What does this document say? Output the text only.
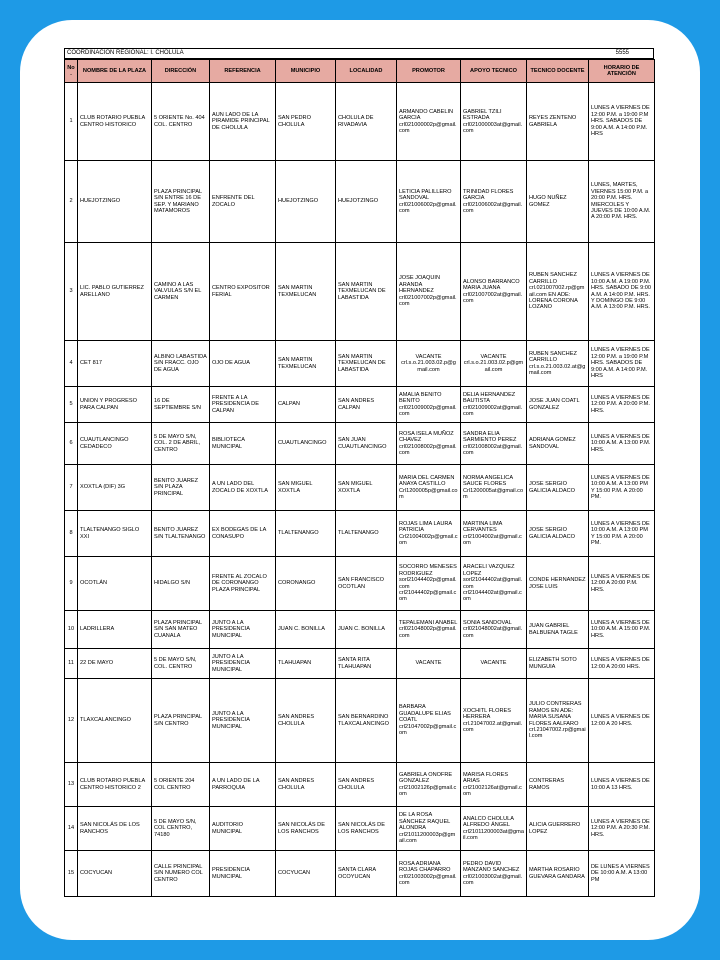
COORDINACIÓN REGIONAL: I. CHOLULA	5555
No.	NOMBRE DE LA PLAZA	DIRECCIÓN	REFERENCIA	MUNICIPIO	LOCALIDAD	PROMOTOR	APOYO TECNICO	TECNICO DOCENTE	HORARIO DE ATENCIÓN
1	CLUB ROTARIO PUEBLA CENTRO HISTORICO	5 ORIENTE No. 404 COL. CENTRO	AUN LADO DE LA PIRAMIDE PRINCIPAL DE CHOLULA	SAN PEDRO CHOLULA	CHOLULA DE RIVADAVIA	ARMANDO CABELIN GARCIA crl021000002p@gmail.com	GABRIEL TZILI ESTRADA crl021000003at@gmail.com	REYES ZENTENO GABRIELA	LUNES A VIERNES DE 12:00 P.M. a 19:00 P.M HRS. SABADOS DE 9:00 A.M. A 14:00 P.M. HRS
2	HUEJOTZINGO	PLAZA PRINCIPAL S/N ENTRE 16 DE SEP. Y MARIANO MATAMOROS	ENFRENTE DEL ZOCALO	HUEJOTZINGO	HUEJOTZINGO	LETICIA PALILLERO SANDOVAL crl021006002p@gmail.com	TRINIDAD FLORES GARCIA crl021006002at@gmail.com	HUGO NUÑEZ GOMEZ	LUNES, MARTES, VIERNES 15:00 P.M. a 20:00 P.M. HRS. MIERCOLES Y JUEVES DE 10:00 A.M. A 20:00 P.M. HRS.
3	LIC. PABLO GUTIERREZ ARELLANO	CAMINO A LAS VALVULAS S/N EL CARMEN	CENTRO EXPOSITOR FERIAL	SAN MARTIN TEXMELUCAN	SAN MARTIN TEXMELUCAN DE LABASTIDA	JOSE JOAQUIN ARANDA HERNANDEZ crl021007002p@gmail.com	ALONSO BARRANCO MARIA JUANA crl021007002at@gmail.com	RUBEN SANCHEZ CARRILLO crl.021007002.rp@gmail.com EN ADE: LORENA CORONA LOZANO	LUNES A VIERNES DE 10:00 A.M. A 19:00 P.M. HRS. SABADO DE 9:00 A.M. A 14:00 P.M. HRS. Y DOMINGO DE 9:00 A.M. A 13:00 P.M. HRS.
4	CET 817	ALBINO LABASTIDA S/N FRACC. OJO DE AGUA	OJO DE AGUA	SAN MARTIN TEXMELUCAN	SAN MARTIN TEXMELUCAN DE LABASTIDA	VACANTE crl.s.o.21.003.02.p@gmail.com	VACANTE crl.s.o.21.003.02.p@gmail.com	RUBEN SANCHEZ CARRILLO crl.s.o.21.003.02.at@gmail.com	LUNES A VIERNES DE 12:00 P.M. a 19:00 P.M HRS. SABADOS DE 9:00 A.M. A 14:00 P.M. HRS
5	UNION Y PROGRESO PARA CALPAN	16 DE SEPTIEMBRE S/N	FRENTE A LA PRESIDENCIA DE CALPAN	CALPAN	SAN ANDRES CALPAN	AMALIA BENITO BENITO crl021009002p@gmail.com	DELIA HERNANDEZ BAUTISTA crl021009002at@gmail.com	JOSE JUAN COATL GONZALEZ	LUNES A VIERNES DE 12:00 P.M. A 20:00 P.M. HRS.
6	CUAUTLANCINGO CEDADECO	5 DE MAYO S/N, COL. 2 DE ABRIL, CENTRO	BIBLIOTECA MUNICIPAL	CUAUTLANCINGO	SAN JUAN CUAUTLANCINGO	ROSA ISELA MUÑOZ CHAVEZ crl021008002p@gmail.com	SANDRA ELIA SARMIENTO PEREZ crl021008002at@gmail.com	ADRIANA GOMEZ SANDOVAL	LUNES A VIERNES DE 10:00 A.M. A 13:00 P.M. HRS.
7	XOXTLA (DIF) 3G	BENITO JUAREZ S/N PLAZA PRINCIPAL	A UN LADO DEL ZOCALO DE XOXTLA	SAN MIGUEL XOXTLA	SAN MIGUEL XOXTLA	MARIA DEL CARMEN ANAYA CASTILLO Crl1200005p@gmail.com	NORMA ANGELICA SAUCE FLORES Crl1200005at@gmail.com	JOSE SERGIO GALICIA ALDACO	LUNES A VIERNES DE 10:00 A.M. A 13:00 PM Y 15:00 P.M. A 20:00 PM.
8	TLALTENANGO SIGLO XXI	BENITO JUAREZ S/N TLALTENANGO	EX BODEGAS DE LA CONASUPO	TLALTENANGO	TLALTENANGO	ROJAS LIMA LAURA PATRICIA Crl21004002p@gmail.com	MARTINA LIMA CERVANTES crl21004002at@gmail.com	JOSE SERGIO GALICIA ALDACO	LUNES A VIERNES DE 10:00 A.M. A 13:00 PM Y 15:00 P.M. A 20:00 PM.
9	OCOTLÁN	HIDALGO S/N	FRENTE AL ZOCALO DE CORONANGO PLAZA PRINCIPAL	CORONANGO	SAN FRANCISCO OCOTLAN	SOCORRO MENESES RODRIGUEZ sorl21044402p@gmail.com crl21044402p@gmail.com	ARACELI VAZQUEZ LOPEZ sorl21044402at@gmail.com crl21044402at@gmail.com	CONDE HERNANDEZ JOSE LUIS	LUNES A VIERNES DE 12:00 A 20:00 P.M. HRS.
10	LADRILLERA	PLAZA PRINCIPAL S/N SAN MATEO CUANALA	JUNTO A LA PRESIDENCIA MUNICIPAL	JUAN C. BONILLA	JUAN C. BONILLA	TEPALEMANI ANABEL crl021048002p@gmail.com	SONIA SANDOVAL crl021048002at@gmail.com	JUAN GABRIEL BALBUENA TAGLE	LUNES A VIERNES DE 10:00 A.M. A 15:00 P.M. HRS.
11	22 DE MAYO	5 DE MAYO S/N, COL. CENTRO	JUNTO A LA PRESIDENCIA MUNICIPAL	TLAHUAPAN	SANTA RITA TLAHUAPAN	VACANTE	VACANTE	ELIZABETH SOTO MUNGUIA	LUNES A VIERNES DE 12:00 A 20:00 HRS.
12	TLAXCALANCINGO	PLAZA PRINCIPAL S/N CENTRO	JUNTO A LA PRESIDENCIA MUNICIPAL	SAN ANDRES CHOLULA	SAN BERNARDINO TLAXCALANCINGO	BARBARA GUADALUPE ELIAS COATL crl21047002p@gmail.com	XOCHITL FLORES HERRERA crl.21047002.at@gmail.com	JULIO CONTRERAS RAMOS EN ADE: MARIA SUSANA FLORES AALFARO crl.21047002.rp@gmail.com	LUNES A VIERNES DE 12:00 A 20 HRS.
13	CLUB ROTARIO PUEBLA CENTRO HISTORICO 2	5 ORIENTE 204 COL CENTRO	A UN LADO DE LA PARROQUIA	SAN ANDRES CHOLULA	SAN ANDRES CHOLULA	GABRIELA ONOFRE GONZALEZ crl21002126p@gmail.com	MARISA FLORES ARIAS crl21002126at@gmail.com	CONTRERAS RAMOS	LUNES A VIERNES DE 10:00 A 13 HRS.
14	SAN NICOLÁS DE LOS RANCHOS	5 DE MAYO S/N, COL CENTRO, 74180	AUDITORIO MUNICIPAL	SAN NICOLÁS DE LOS RANCHOS	SAN NICOLÁS DE LOS RANCHOS	DE LA ROSA SÁNCHEZ RAQUEL ALONDRA crl21011200003p@gmail.com	ANALCO CHOLULA ALFREDO ÁNGEL crl21011200003at@gmail.com	ALICIA GUERRERO LOPEZ	LUNES A VIERNES DE 12:00 P.M. A 20:30 P.M. HRS.
15	COCYUCAN	CALLE PRINCIPAL S/N NUMERO COL CENTRO	PRESIDENCIA MUNICIPAL	COCYUCAN	SANTA CLARA OCOYUCAN	ROSA ADRIANA ROJAS CHAPARRO crl021003002p@gmail.com	PEDRO DAVID MANZANO SANCHEZ crl021003002at@gmail.com	MARTHA ROSARIO GUEVARA GANDARA	DE LUNES A VIERNES DE 10:00 A.M. A 13:00 PM
